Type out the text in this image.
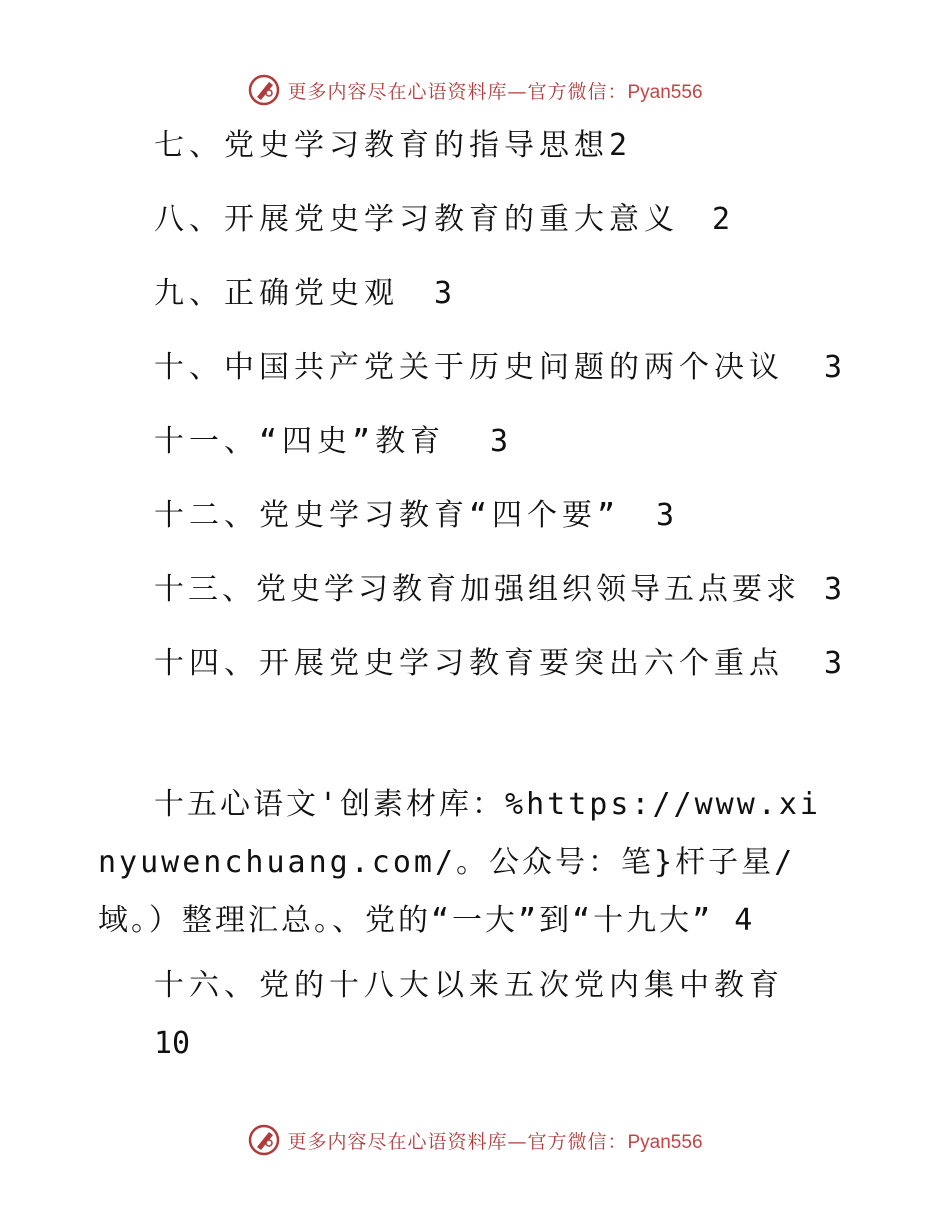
更多内容尽在心语资料库—官方微信：Pyan556
七、党史学习教育的指导思想2
八、开展党史学习教育的重大意义 2
九、正确党史观 3
十、中国共产党关于历史问题的两个决议 3
十一、“四史”教育 3
十二、党史学习教育“四个要” 3
十三、党史学习教育加强组织领导五点要求 3
十四、开展党史学习教育要突出六个重点 3
十五心语文'创素材库：%https://www.xinyuwenchuang.com/。公众号：笔}杆子星/域。）整理汇总。、党的“一大”到“十九大” 4
十六、党的十八大以来五次党内集中教育
10
更多内容尽在心语资料库—官方微信：Pyan556
